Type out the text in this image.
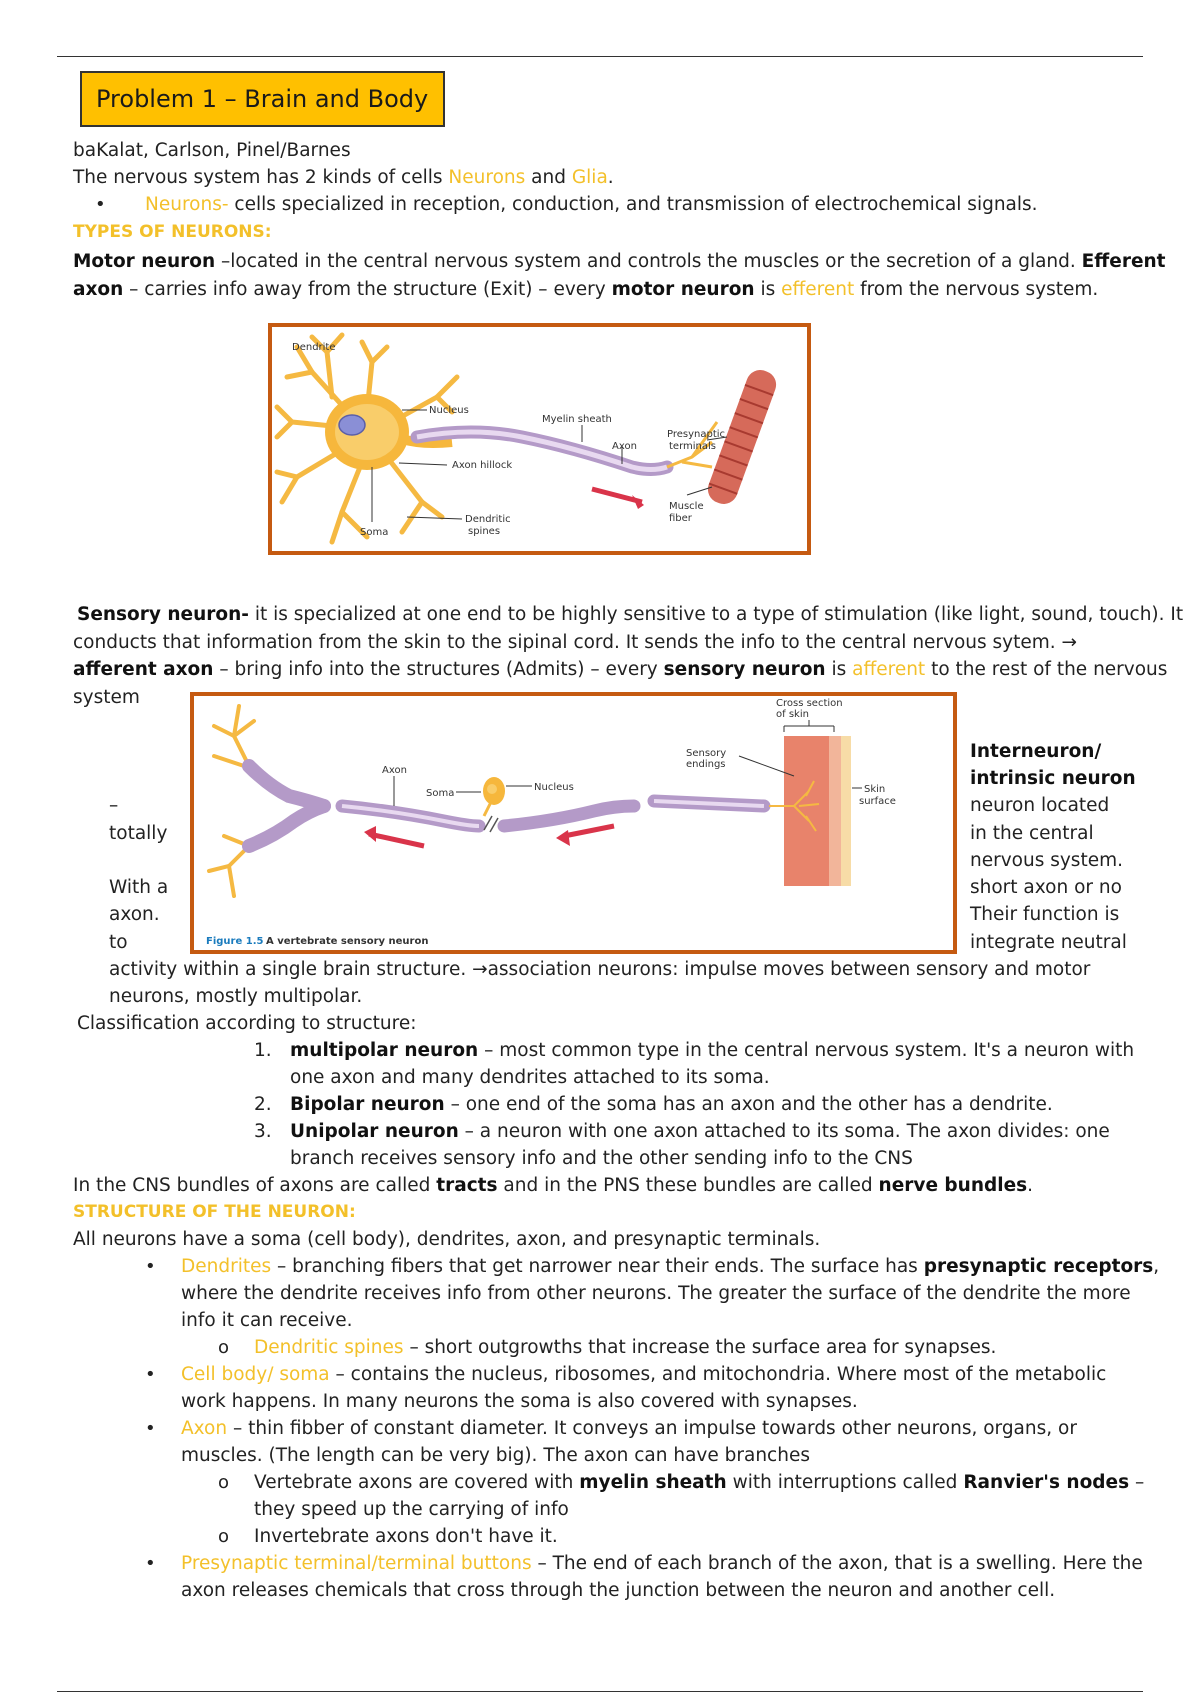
Problem 1 – Brain and Body
baKalat, Carlson, Pinel/Barnes
The nervous system has 2 kinds of cells Neurons and Glia.
• Neurons- cells specialized in reception, conduction, and transmission of electrochemical signals.
TYPES OF NEURONS:
Motor neuron –located in the central nervous system and controls the muscles or the secretion of a gland. Efferent
axon – carries info away from the structure (Exit) – every motor neuron is efferent from the nervous system.
Dendrite
Nucleus
Myelin sheath
Axon
Presynaptic
terminals
Axon hillock
Muscle
fiber
Soma
Dendritic
spines
Sensory neuron- it is specialized at one end to be highly sensitive to a type of stimulation (like light, sound, touch). It
conducts that information from the skin to the sipinal cord. It sends the info to the central nervous sytem. →
afferent axon – bring info into the structures (Admits) – every sensory neuron is afferent to the rest of the nervous
system	Cross section
of skin
Sensory
endings
Axon
Nucleus
Soma	Skin
surface
Figure 1.5 A vertebrate sensory neuron
–
totally
With a
axon.
to
Interneuron/
intrinsic neuron
neuron located
in the central
nervous system.
short axon or no
Their function is
integrate neutral
activity within a single brain structure. →association neurons: impulse moves between sensory and motor
neurons, mostly multipolar.
Classification according to structure:
1. multipolar neuron – most common type in the central nervous system. It's a neuron with
one axon and many dendrites attached to its soma.
2. Bipolar neuron – one end of the soma has an axon and the other has a dendrite.
3. Unipolar neuron – a neuron with one axon attached to its soma. The axon divides: one
branch receives sensory info and the other sending info to the CNS
In the CNS bundles of axons are called tracts and in the PNS these bundles are called nerve bundles.
STRUCTURE OF THE NEURON:
All neurons have a soma (cell body), dendrites, axon, and presynaptic terminals.
• Dendrites – branching fibers that get narrower near their ends. The surface has presynaptic receptors,
where the dendrite receives info from other neurons. The greater the surface of the dendrite the more
info it can receive.
o Dendritic spines – short outgrowths that increase the surface area for synapses.
• Cell body/ soma – contains the nucleus, ribosomes, and mitochondria. Where most of the metabolic
work happens. In many neurons the soma is also covered with synapses.
• Axon – thin fibber of constant diameter. It conveys an impulse towards other neurons, organs, or
muscles. (The length can be very big). The axon can have branches
o Vertebrate axons are covered with myelin sheath with interruptions called Ranvier's nodes –
they speed up the carrying of info
o Invertebrate axons don't have it.
• Presynaptic terminal/terminal buttons – The end of each branch of the axon, that is a swelling. Here the
axon releases chemicals that cross through the junction between the neuron and another cell.
